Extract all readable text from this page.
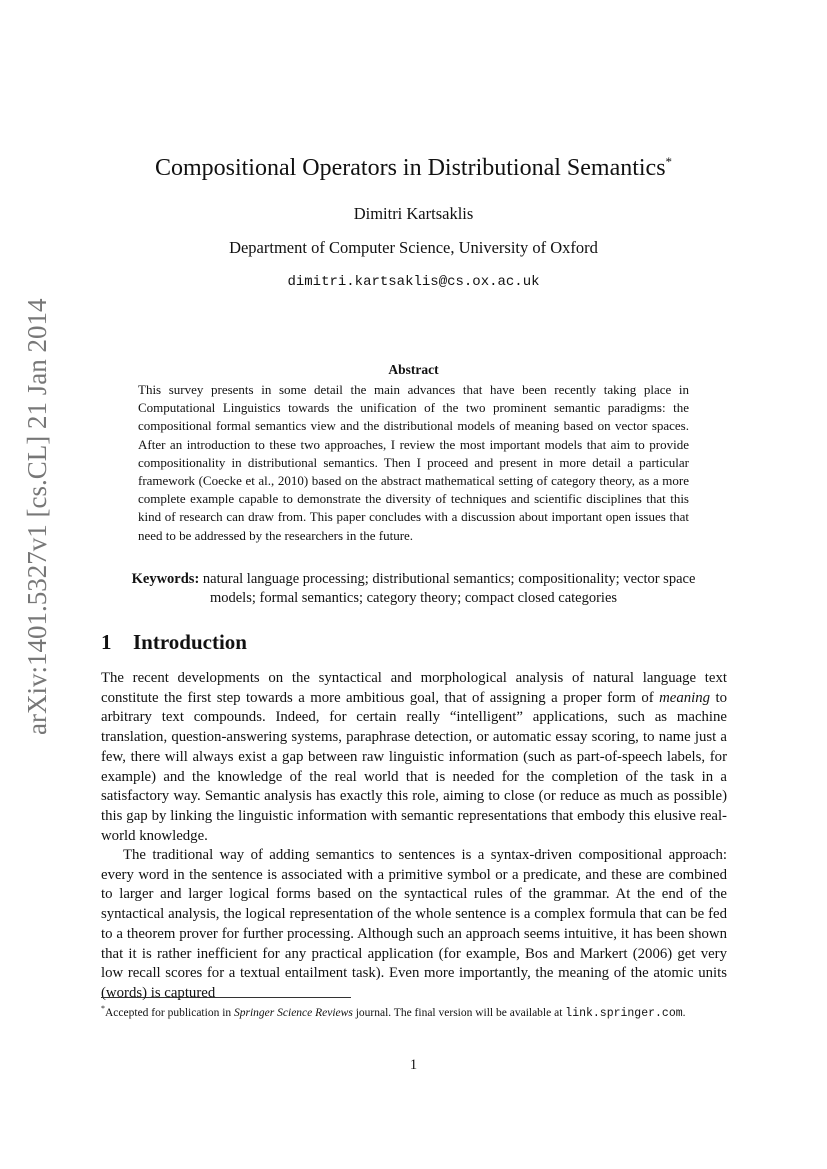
arXiv:1401.5327v1 [cs.CL] 21 Jan 2014
Compositional Operators in Distributional Semantics*
Dimitri Kartsaklis
Department of Computer Science, University of Oxford
dimitri.kartsaklis@cs.ox.ac.uk
Abstract
This survey presents in some detail the main advances that have been recently taking place in Computational Linguistics towards the unification of the two prominent semantic paradigms: the compositional formal semantics view and the distributional models of meaning based on vector spaces. After an introduction to these two approaches, I review the most important models that aim to provide compositionality in distributional semantics. Then I proceed and present in more detail a particular framework (Coecke et al., 2010) based on the abstract mathematical setting of category theory, as a more complete example capable to demonstrate the diversity of techniques and scientific disciplines that this kind of research can draw from. This paper concludes with a discussion about important open issues that need to be addressed by the researchers in the future.
Keywords: natural language processing; distributional semantics; compositionality; vector space models; formal semantics; category theory; compact closed categories
1 Introduction

The recent developments on the syntactical and morphological analysis of natural language text constitute the first step towards a more ambitious goal, that of assigning a proper form of meaning to arbitrary text compounds. Indeed, for certain really “intelligent” applications, such as machine translation, question-answering systems, paraphrase detection, or automatic essay scoring, to name just a few, there will always exist a gap between raw linguistic information (such as part-of-speech labels, for example) and the knowledge of the real world that is needed for the completion of the task in a satisfactory way. Semantic analysis has exactly this role, aiming to close (or reduce as much as possible) this gap by linking the linguistic information with semantic representations that embody this elusive real-world knowledge.

The traditional way of adding semantics to sentences is a syntax-driven compositional approach: every word in the sentence is associated with a primitive symbol or a predicate, and these are combined to larger and larger logical forms based on the syntactical rules of the grammar. At the end of the syntactical analysis, the logical representation of the whole sentence is a complex formula that can be fed to a theorem prover for further processing. Although such an approach seems intuitive, it has been shown that it is rather inefficient for any practical application (for example, Bos and Markert (2006) get very low recall scores for a textual entailment task). Even more importantly, the meaning of the atomic units (words) is captured

*Accepted for publication in Springer Science Reviews journal. The final version will be available at link.springer.com.
1
